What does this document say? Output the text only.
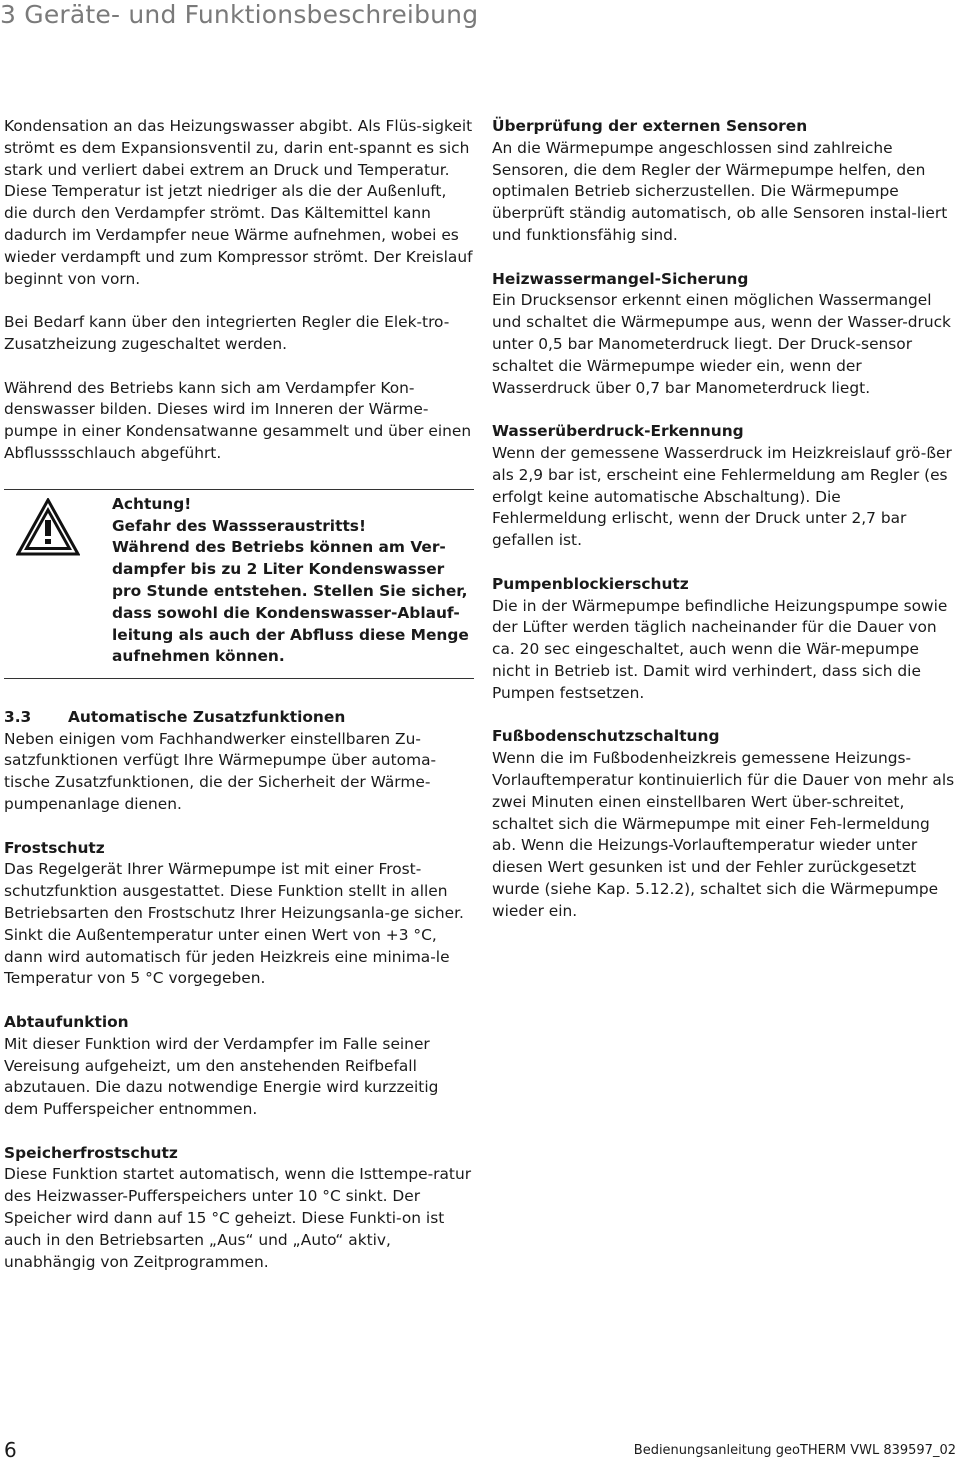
3 Geräte- und Funktionsbeschreibung

Kondensation an das Heizungswasser abgibt. Als Flüs-sigkeit strömt es dem Expansionsventil zu, darin ent-spannt es sich stark und verliert dabei extrem an Druck und Temperatur. Diese Temperatur ist jetzt niedriger als die der Außenluft, die durch den Verdampfer strömt. Das Kältemittel kann dadurch im Verdampfer neue Wärme aufnehmen, wobei es wieder verdampft und zum Kompressor strömt. Der Kreislauf beginnt von vorn.

Bei Bedarf kann über den integrierten Regler die Elek-tro-Zusatzheizung zugeschaltet werden.

Während des Betriebs kann sich am Verdampfer Kon-denswasser bilden. Dieses wird im Inneren der Wärme-pumpe in einer Kondensatwanne gesammelt und über einen Abflusssschlauch abgeführt.

Achtung!

Gefahr des Wassseraustritts!

Während des Betriebs können am Ver-dampfer bis zu 2 Liter Kondenswasser pro Stunde entstehen. Stellen Sie sicher, dass sowohl die Kondenswasser-Ablauf-leitung als auch der Abfluss diese Menge aufnehmen können.

3.3 Automatische Zusatzfunktionen

Neben einigen vom Fachhandwerker einstellbaren Zu-satzfunktionen verfügt Ihre Wärmepumpe über automa-tische Zusatzfunktionen, die der Sicherheit der Wärme-pumpenanlage dienen.

Frostschutz

Das Regelgerät Ihrer Wärmepumpe ist mit einer Frost-schutzfunktion ausgestattet. Diese Funktion stellt in allen Betriebsarten den Frostschutz Ihrer Heizungsanla-ge sicher.

Sinkt die Außentemperatur unter einen Wert von +3 °C, dann wird automatisch für jeden Heizkreis eine minima-le Temperatur von 5 °C vorgegeben.

Abtaufunktion

Mit dieser Funktion wird der Verdampfer im Falle seiner Vereisung aufgeheizt, um den anstehenden Reifbefall abzutauen. Die dazu notwendige Energie wird kurzzeitig dem Pufferspeicher entnommen.

Speicherfrostschutz

Diese Funktion startet automatisch, wenn die Isttempe-ratur des Heizwasser-Pufferspeichers unter 10 °C sinkt. Der Speicher wird dann auf 15 °C geheizt. Diese Funkti-on ist auch in den Betriebsarten „Aus“ und „Auto“ aktiv, unabhängig von Zeitprogrammen.

Überprüfung der externen Sensoren

An die Wärmepumpe angeschlossen sind zahlreiche Sensoren, die dem Regler der Wärmepumpe helfen, den optimalen Betrieb sicherzustellen. Die Wärmepumpe überprüft ständig automatisch, ob alle Sensoren instal-liert und funktionsfähig sind.

Heizwassermangel-Sicherung

Ein Drucksensor erkennt einen möglichen Wassermangel und schaltet die Wärmepumpe aus, wenn der Wasser-druck unter 0,5 bar Manometerdruck liegt. Der Druck-sensor schaltet die Wärmepumpe wieder ein, wenn der Wasserdruck über 0,7 bar Manometerdruck liegt.

Wasserüberdruck-Erkennung

Wenn der gemessene Wasserdruck im Heizkreislauf grö-ßer als 2,9 bar ist, erscheint eine Fehlermeldung am Regler (es erfolgt keine automatische Abschaltung). Die Fehlermeldung erlischt, wenn der Druck unter 2,7 bar gefallen ist.

Pumpenblockierschutz

Die in der Wärmepumpe befindliche Heizungspumpe sowie der Lüfter werden täglich nacheinander für die Dauer von ca. 20 sec eingeschaltet, auch wenn die Wär-mepumpe nicht in Betrieb ist. Damit wird verhindert, dass sich die Pumpen festsetzen.

Fußbodenschutzschaltung

Wenn die im Fußbodenheizkreis gemessene Heizungs-Vorlauftemperatur kontinuierlich für die Dauer von mehr als zwei Minuten einen einstellbaren Wert über-schreitet, schaltet sich die Wärmepumpe mit einer Feh-lermeldung ab. Wenn die Heizungs-Vorlauftemperatur wieder unter diesen Wert gesunken ist und der Fehler zurückgesetzt wurde (siehe Kap. 5.12.2), schaltet sich die Wärmepumpe wieder ein.

6	Bedienungsanleitung geoTHERM VWL 839597_02
